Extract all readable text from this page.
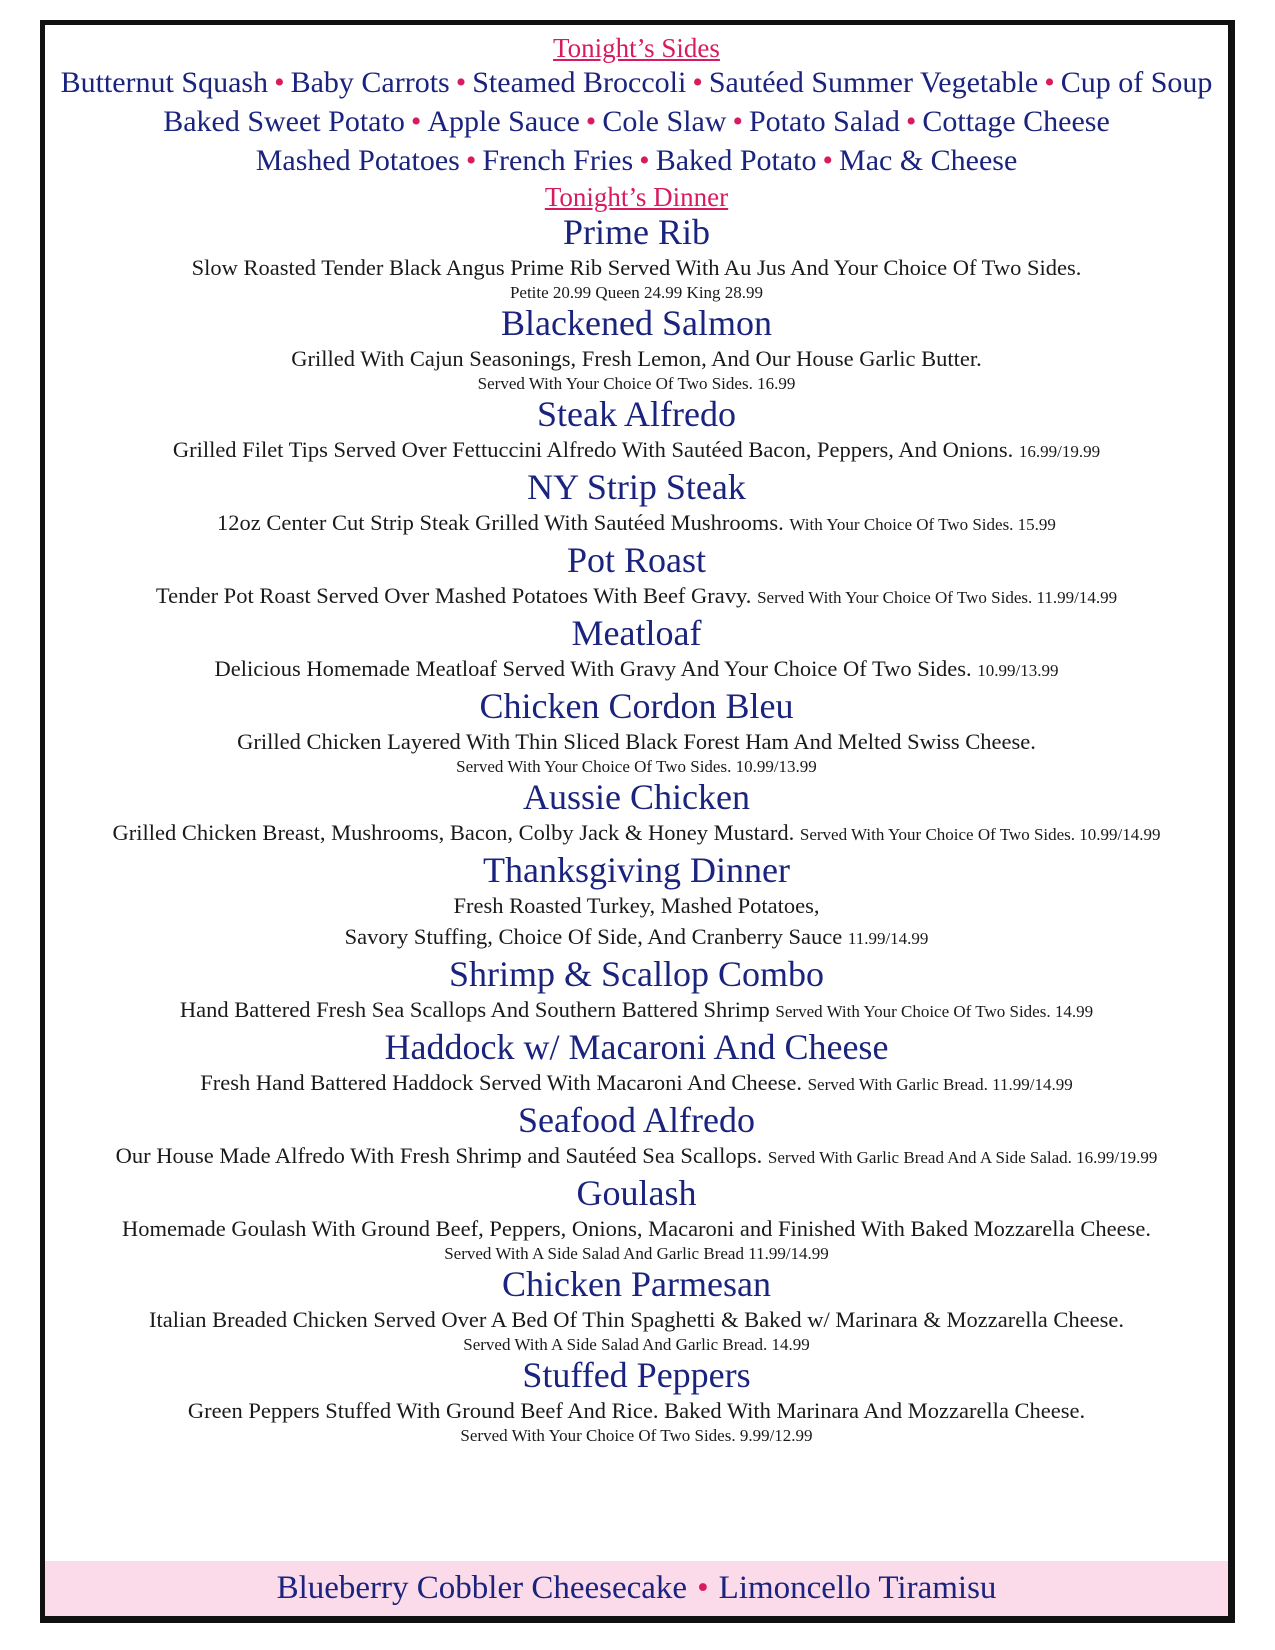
Tonight’s Sides
Butternut Squash • Baby Carrots • Steamed Broccoli • Sautéed Summer Vegetable • Cup of Soup
Baked Sweet Potato • Apple Sauce • Cole Slaw • Potato Salad • Cottage Cheese
Mashed Potatoes • French Fries • Baked Potato • Mac & Cheese
Tonight’s Dinner
Prime Rib
Slow Roasted Tender Black Angus Prime Rib Served With Au Jus And Your Choice Of Two Sides.
Petite 20.99 Queen 24.99 King 28.99
Blackened Salmon
Grilled With Cajun Seasonings, Fresh Lemon, And Our House Garlic Butter.
Served With Your Choice Of Two Sides. 16.99
Steak Alfredo
Grilled Filet Tips Served Over Fettuccini Alfredo With Sautéed Bacon, Peppers, And Onions. 16.99/19.99
NY Strip Steak
12oz Center Cut Strip Steak Grilled With Sautéed Mushrooms. With Your Choice Of Two Sides. 15.99
Pot Roast
Tender Pot Roast Served Over Mashed Potatoes With Beef Gravy. Served With Your Choice Of Two Sides. 11.99/14.99
Meatloaf
Delicious Homemade Meatloaf Served With Gravy And Your Choice Of Two Sides. 10.99/13.99
Chicken Cordon Bleu
Grilled Chicken Layered With Thin Sliced Black Forest Ham And Melted Swiss Cheese.
Served With Your Choice Of Two Sides. 10.99/13.99
Aussie Chicken
Grilled Chicken Breast, Mushrooms, Bacon, Colby Jack & Honey Mustard. Served With Your Choice Of Two Sides. 10.99/14.99
Thanksgiving Dinner
Fresh Roasted Turkey, Mashed Potatoes,
Savory Stuffing, Choice Of Side, And Cranberry Sauce 11.99/14.99
Shrimp & Scallop Combo
Hand Battered Fresh Sea Scallops And Southern Battered Shrimp Served With Your Choice Of Two Sides. 14.99
Haddock w/ Macaroni And Cheese
Fresh Hand Battered Haddock Served With Macaroni And Cheese. Served With Garlic Bread. 11.99/14.99
Seafood Alfredo
Our House Made Alfredo With Fresh Shrimp and Sautéed Sea Scallops. Served With Garlic Bread And A Side Salad. 16.99/19.99
Goulash
Homemade Goulash With Ground Beef, Peppers, Onions, Macaroni and Finished With Baked Mozzarella Cheese.
Served With A Side Salad And Garlic Bread 11.99/14.99
Chicken Parmesan
Italian Breaded Chicken Served Over A Bed Of Thin Spaghetti & Baked w/ Marinara & Mozzarella Cheese.
Served With A Side Salad And Garlic Bread. 14.99
Stuffed Peppers
Green Peppers Stuffed With Ground Beef And Rice. Baked With Marinara And Mozzarella Cheese.
Served With Your Choice Of Two Sides. 9.99/12.99
Blueberry Cobbler Cheesecake • Limoncello Tiramisu
